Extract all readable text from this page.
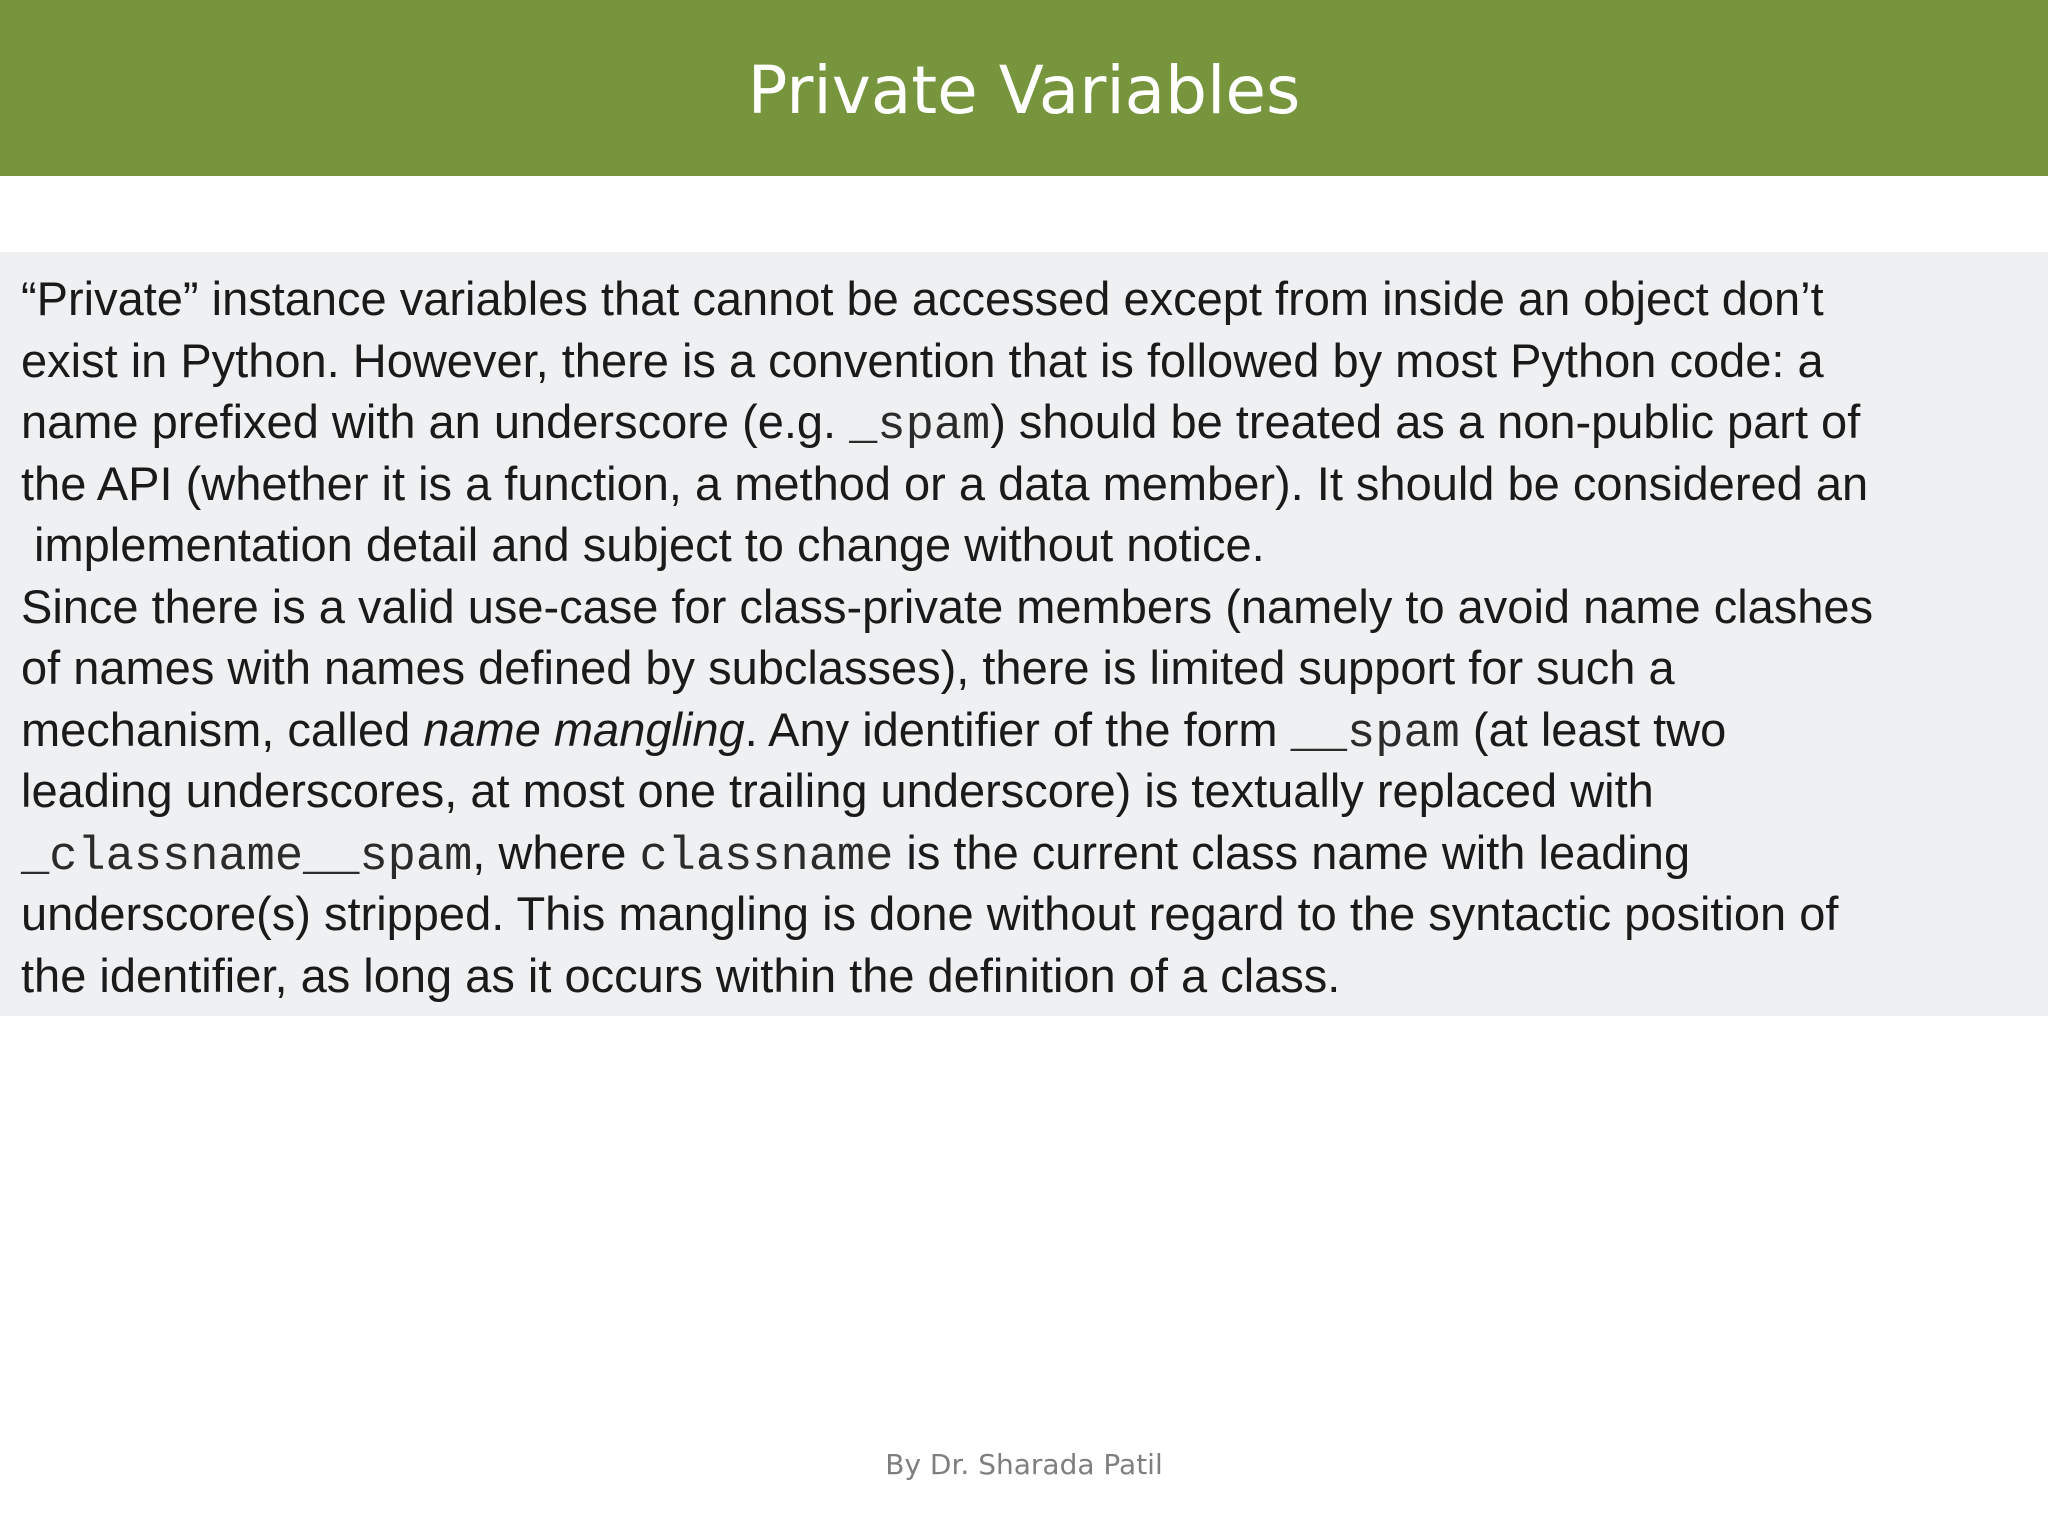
Private Variables

“Private” instance variables that cannot be accessed except from inside an object don’t
exist in Python. However, there is a convention that is followed by most Python code: a
name prefixed with an underscore (e.g. _spam) should be treated as a non-public part of
the API (whether it is a function, a method or a data member). It should be considered an
implementation detail and subject to change without notice.

Since there is a valid use-case for class-private members (namely to avoid name clashes
of names with names defined by subclasses), there is limited support for such a
mechanism, called name mangling. Any identifier of the form __spam (at least two
leading underscores, at most one trailing underscore) is textually replaced with
_classname__spam, where classname is the current class name with leading
underscore(s) stripped. This mangling is done without regard to the syntactic position of
the identifier, as long as it occurs within the definition of a class.

By Dr. Sharada Patil
